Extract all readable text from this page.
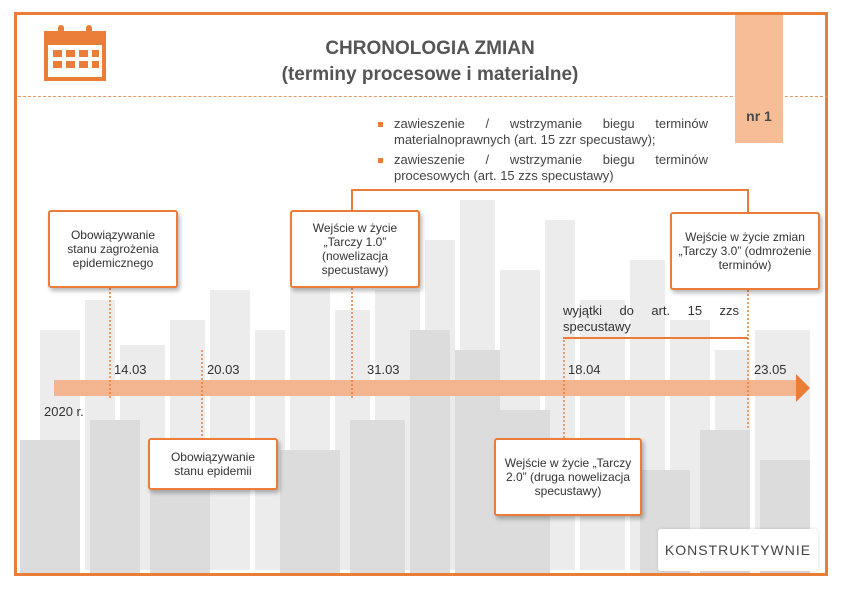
CHRONOLOGIA ZMIAN
(terminy procesowe i materialne)
nr 1
zawieszenie / wstrzymanie biegu terminów materialnoprawnych (art. 15 zzr specustawy);
zawieszenie / wstrzymanie biegu terminów procesowych (art. 15 zzs specustawy)
Obowiązywanie stanu zagrożenia epidemicznego
Obowiązywanie stanu epidemii
Wejście w życie „Tarczy 1.0” (nowelizacja specustawy)
Wejście w życie „Tarczy 2.0” (druga nowelizacja specustawy)
Wejście w życie zmian „Tarczy 3.0” (odmrożenie terminów)
14.03	20.03	31.03	18.04	23.05
2020 r.
wyjątki do art. 15 zzs specustawy
KONSTRUKTYWNIE
